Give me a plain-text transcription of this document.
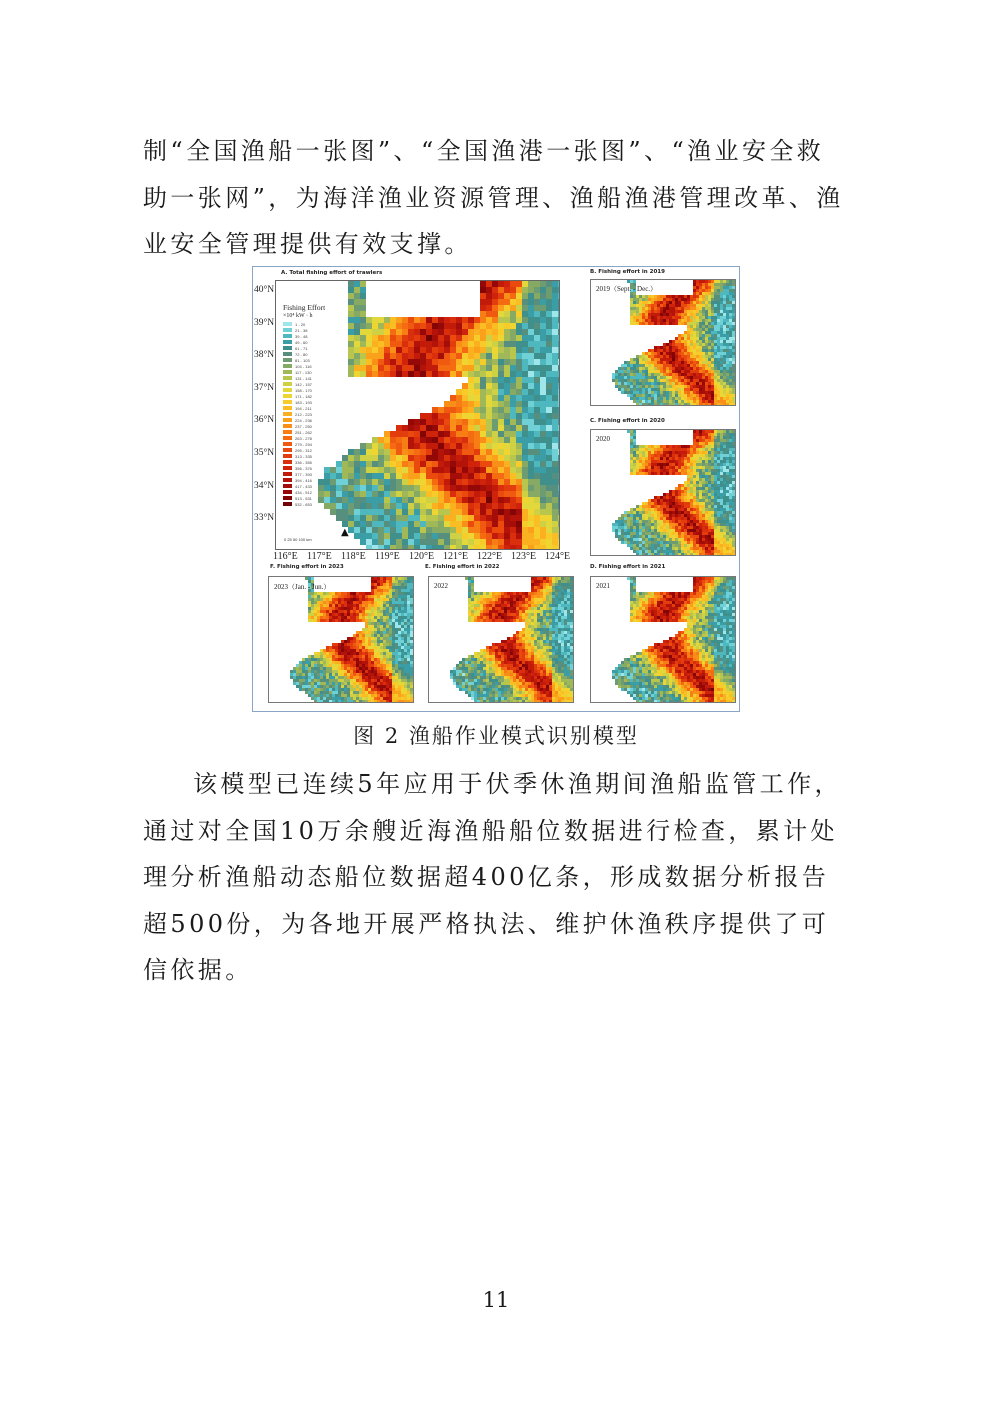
制“全国渔船一张图”、“全国渔港一张图”、“渔业安全救助一张网”，为海洋渔业资源管理、渔船渔港管理改革、渔业安全管理提供有效支撑。

A. Total fishing effort of trawlers
40°N
39°N
38°N
37°N
36°N
35°N
34°N
33°N
116°E 117°E 118°E 119°E 120°E 121°E 122°E 123°E 124°E
Fishing Effort
×10⁴ kW · h
1 - 20
21 - 38
39 - 48
49 - 60
61 - 71
72 - 80
81 - 103
104 - 116
117 - 130
131 - 141
142 - 157
158 - 170
171 - 182
183 - 193
194 - 211
212 - 223
224 - 236
237 - 250
251 - 262
263 - 278
279 - 294
295 - 312
313 - 335
336 - 355
356 - 376
377 - 393
394 - 416
417 - 433
434 - 512
513 - 531
532 - 653
0 25 50 100 km
▲
B. Fishing effort in 2019
2019（Sept. - Dec.）
C. Fishing effort in 2020
2020
D. Fishing effort in 2021
2021
E. Fishing effort in 2022
2022
F. Fishing effort in 2023
2023（Jan. - Jun.）
图 2 渔船作业模式识别模型

该模型已连续5年应用于伏季休渔期间渔船监管工作，通过对全国10万余艘近海渔船船位数据进行检查，累计处理分析渔船动态船位数据超400亿条，形成数据分析报告超500份，为各地开展严格执法、维护休渔秩序提供了可信依据。

11
